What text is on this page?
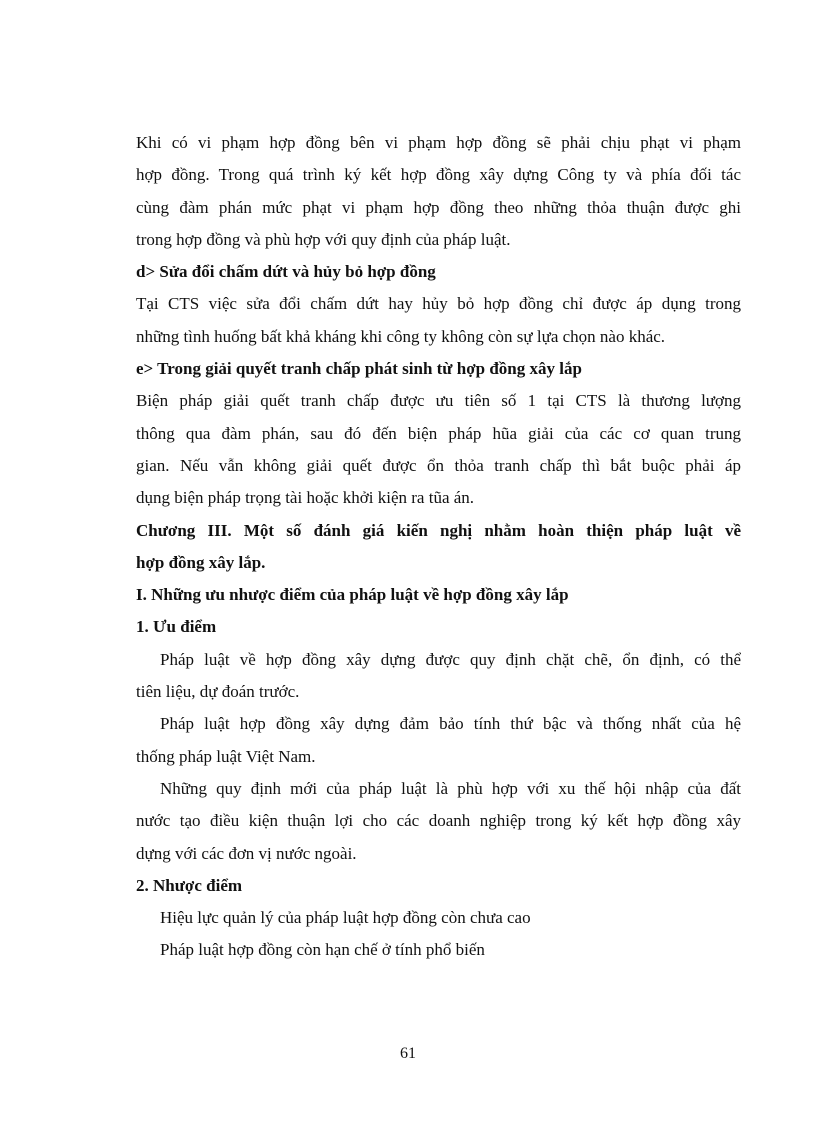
Khi có vi phạm hợp đồng bên vi phạm hợp đồng sẽ phải chịu phạt vi phạm
hợp đồng. Trong quá trình ký kết hợp đồng xây dựng Công ty và phía đối tác
cùng đàm phán mức phạt vi phạm hợp đồng theo những thỏa thuận được ghi
trong hợp đồng và phù hợp với quy định của pháp luật.

d> Sửa đổi chấm dứt và hủy bỏ hợp đồng

Tại CTS việc sửa đổi chấm dứt hay hủy bỏ hợp đồng chỉ được áp dụng trong
những tình huống bất khả kháng khi công ty không còn sự lựa chọn nào khác.

e> Trong giải quyết tranh chấp phát sinh từ hợp đồng xây lắp

Biện pháp giải quết tranh chấp được ưu tiên số 1 tại CTS là thương lượng
thông qua đàm phán, sau đó đến biện pháp hũa giải của các cơ quan trung
gian. Nếu vẫn không giải quết được ổn thỏa tranh chấp thì bắt buộc phải áp
dụng biện pháp trọng tài hoặc khởi kiện ra tũa án.

Chương III. Một số đánh giá kiến nghị nhằm hoàn thiện pháp luật về
hợp đồng xây lắp.

I. Những ưu nhược điểm của pháp luật về hợp đồng xây lắp

1. Ưu điểm

Pháp luật về hợp đồng xây dựng được quy định chặt chẽ, ổn định, có thể
tiên liệu, dự đoán trước.

Pháp luật hợp đồng xây dựng đảm bảo tính thứ bậc và thống nhất của hệ
thống pháp luật Việt Nam.

Những quy định mới của pháp luật là phù hợp với xu thế hội nhập của đất
nước tạo điều kiện thuận lợi cho các doanh nghiệp trong ký kết hợp đồng xây
dựng với các đơn vị nước ngoài.

2. Nhược điểm

Hiệu lực quản lý của pháp luật hợp đồng còn chưa cao

Pháp luật hợp đồng còn hạn chế ở tính phổ biến

61
